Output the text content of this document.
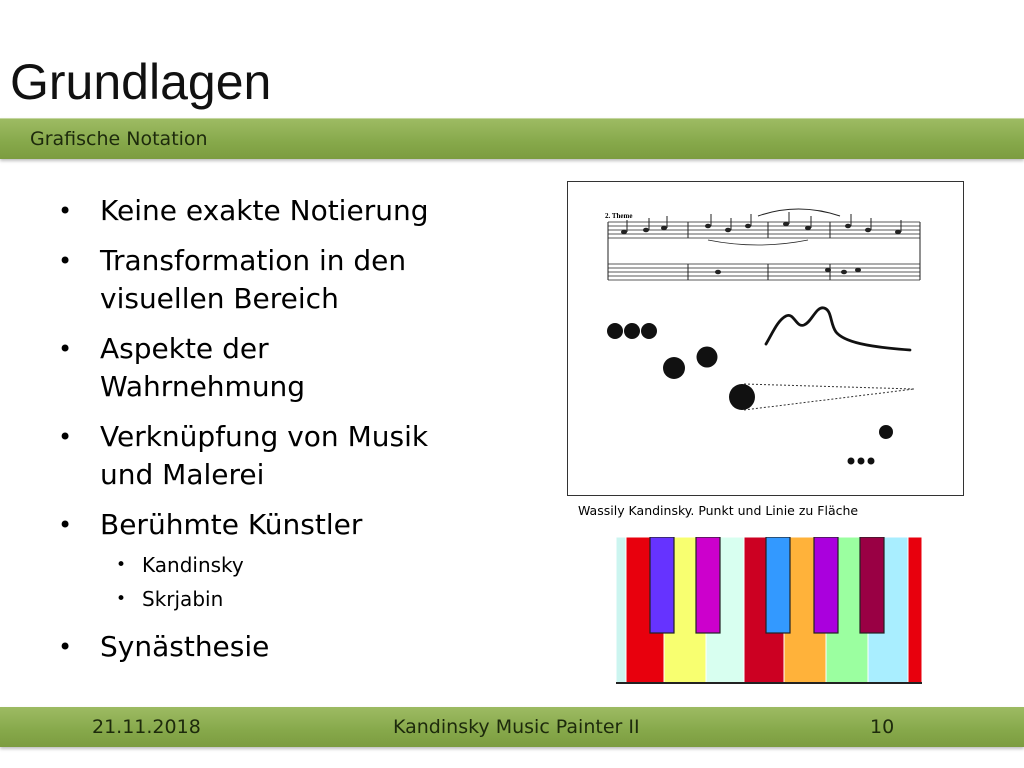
Grundlagen
Grafische Notation
• Keine exakte Notierung
• Transformation in den visuellen Bereich
• Aspekte der Wahrnehmung
• Verknüpfung von Musik und Malerei
• Berühmte Künstler
• Kandinsky
• Skrjabin
• Synästhesie
2. Theme
Wassily Kandinsky. Punkt und Linie zu Fläche
21.11.2018	Kandinsky Music Painter II	10
